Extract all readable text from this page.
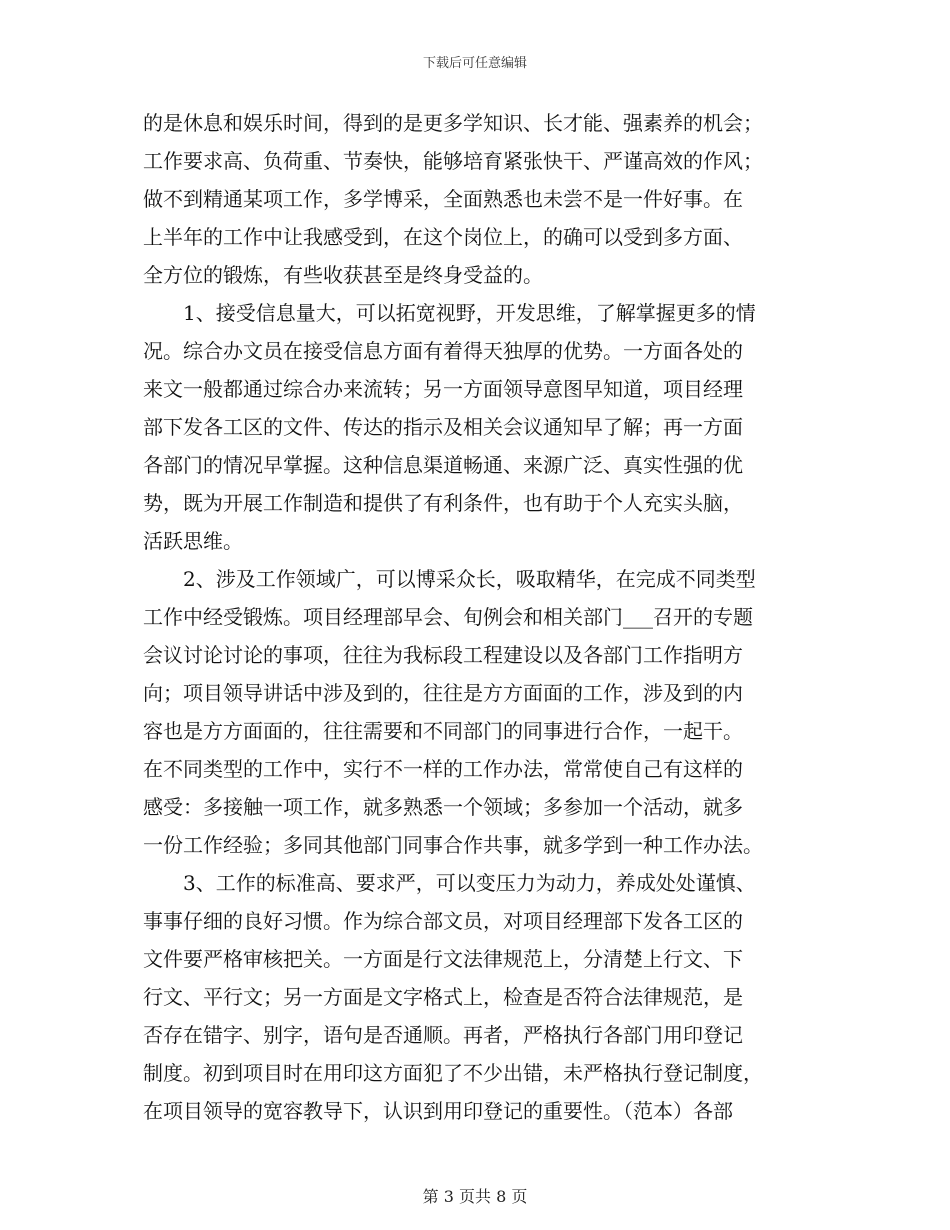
下载后可任意编辑
的是休息和娱乐时间，得到的是更多学知识、长才能、强素养的机会；
工作要求高、负荷重、节奏快，能够培育紧张快干、严谨高效的作风；
做不到精通某项工作，多学博采，全面熟悉也未尝不是一件好事。在
上半年的工作中让我感受到，在这个岗位上，的确可以受到多方面、
全方位的锻炼，有些收获甚至是终身受益的。
1、接受信息量大，可以拓宽视野，开发思维，了解掌握更多的情
况。综合办文员在接受信息方面有着得天独厚的优势。一方面各处的
来文一般都通过综合办来流转；另一方面领导意图早知道，项目经理
部下发各工区的文件、传达的指示及相关会议通知早了解；再一方面
各部门的情况早掌握。这种信息渠道畅通、来源广泛、真实性强的优
势，既为开展工作制造和提供了有利条件，也有助于个人充实头脑，
活跃思维。
2、涉及工作领域广，可以博采众长，吸取精华，在完成不同类型
工作中经受锻炼。项目经理部早会、旬例会和相关部门___召开的专题
会议讨论讨论的事项，往往为我标段工程建设以及各部门工作指明方
向；项目领导讲话中涉及到的，往往是方方面面的工作，涉及到的内
容也是方方面面的，往往需要和不同部门的同事进行合作，一起干。
在不同类型的工作中，实行不一样的工作办法，常常使自己有这样的
感受：多接触一项工作，就多熟悉一个领域；多参加一个活动，就多
一份工作经验；多同其他部门同事合作共事，就多学到一种工作办法。
3、工作的标准高、要求严，可以变压力为动力，养成处处谨慎、
事事仔细的良好习惯。作为综合部文员，对项目经理部下发各工区的
文件要严格审核把关。一方面是行文法律规范上，分清楚上行文、下
行文、平行文；另一方面是文字格式上，检查是否符合法律规范，是
否存在错字、别字，语句是否通顺。再者，严格执行各部门用印登记
制度。初到项目时在用印这方面犯了不少出错，未严格执行登记制度，
在项目领导的宽容教导下，认识到用印登记的重要性。（范本）各部
第 3 页共 8 页
